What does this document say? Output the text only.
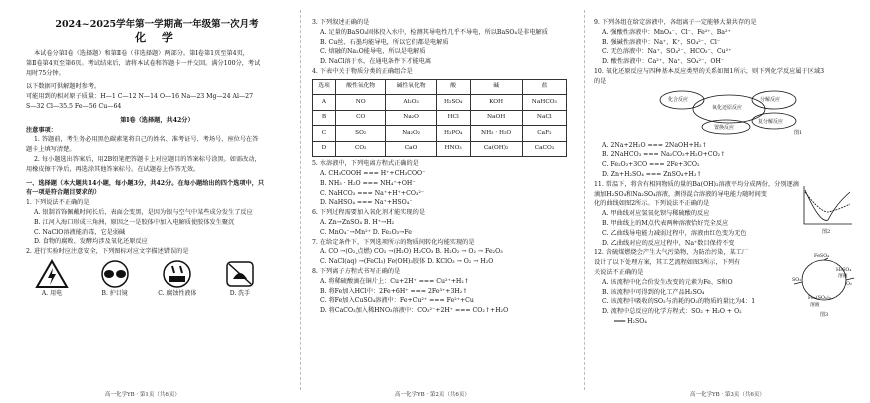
2024~2025学年第一学期高一年级第一次月考
化 学

本试卷分第Ⅰ卷（选择题）和第Ⅱ卷（非选择题）两部分。第Ⅰ卷第1页至第4页，

第Ⅱ卷第4页至第6页。考试结束后，请将本试卷和答题卡一并交回。满分100分，考试

用时75分钟。

以下数据可供解题时参考。

可能用到的相对原子质量：H—1 C—12 N—14 O—16 Na—23 Mg—24 Al—27

S—32 Cl—35.5 Fe—56 Cu—64

第Ⅰ卷（选择题，共42分）

注意事项：

1. 答题前，考生务必用黑色碳素笔将自己的姓名、准考证号、考场号、座位号在答

题卡上填写清楚。

2. 每小题选出答案后，用2B铅笔把答题卡上对应题目的答案标号涂黑。如需改动，

用橡皮擦干净后，再选涂其他答案标号。在试题卷上作答无效。

一、选择题（本大题共14小题，每小题3分，共42分。在每小题给出的四个选项中，只

有一项是符合题目要求的）

1. 下列说法不正确的是

A. 银制首饰佩戴时间长后，表面会变黑，是因为银与空气中某些成分发生了反应

B. 江河入海口形成三角洲，原因之一是胶体中加入电解质使胶体发生聚沉

C. NaClO溶液能消毒，它是弱碱

D. 食物的腐败、发酵均涉及氧化还原反应

2. 进行实验时应注意安全，下列图标对应文字描述错误的是

A. 用电	B. 护目镜	C. 腐蚀性液体	D. 洗手
高一化学YB · 第1页（共6页）

3. 下列叙述正确的是

A. 足量的BaSO₄固体投入水中，检测其导电性几乎不导电，所以BaSO₄是非电解质

B. Cu丝、石墨均能导电，所以它们都是电解质

C. 熔融的Na₂O能导电，所以是电解质

D. NaCl溶于水，在通电条件下才能电离

4. 下表中关于物质分类的正确组合是

选项	酸性氧化物	碱性氧化物	酸	碱	盐
A	NO	Al₂O₃	H₂SO₄	KOH	NaHCO₃
B	CO	Na₂O	HCl	NaOH	NaCl
C	SO₂	Na₂O₂	H₃PO₄	NH₃ · H₂O	CaF₂
D	CO₂	CaO	HNO₃	Ca(OH)₂	CaCO₃

5. 水溶液中，下列电离方程式正确的是

A. CH₃COOH === H⁺+CH₃COO⁻

B. NH₃ · H₂O === NH₄⁺+OH⁻

C. NaHCO₃ === Na⁺+H⁺+CO₃²⁻

D. NaHSO₄ === Na⁺+HSO₄⁻

6. 下列过程需要加入氧化剂才能实现的是

A. Zn→ZnSO₄ B. H⁺→H₂

C. MnO₄⁻→Mn²⁺ D. Fe₂O₃→Fe

7. 在给定条件下，下列选项所示的物质间转化均能实现的是

A. CO →(O₂,点燃) CO₂ →(H₂O) H₂CO₃ B. H₂O₂ → O₂ → Fe₂O₃

C. NaCl(aq) →(FeCl₃) Fe(OH)₃胶体 D. KClO₃ → O₂ → H₂O

8. 下列离子方程式书写正确的是

A. 将稀硫酸滴在铜片上：Cu+2H⁺ === Cu²⁺+H₂↑

B. 将Fe加入HCl中：2Fe+6H⁺ === 2Fe³⁺+3H₂↑

C. 将Fe加入CuSO₄溶液中：Fe+Cu²⁺ === Fe²⁺+Cu

D. 将CaCO₃加入稀HNO₃溶液中：CO₃²⁻+2H⁺ === CO₂↑+H₂O

高一化学YB · 第2页（共6页）

9. 下列各组在给定溶液中，各组离子一定能够大量共存的是

A. 强酸性溶液中：MnO₄⁻、Cl⁻、Fe²⁺、Ba²⁺

B. 强碱性溶液中：Na⁺、K⁺、SO₄²⁻、Cl⁻

C. 无色溶液中：Na⁺、SO₄²⁻、HCO₃⁻、Cu²⁺

D. 酸性溶液中：Ca²⁺、Na⁺、SO₄²⁻、OH⁻

10. 氧化还原反应与四种基本反应类型的关系如图1所示，则下列化学反应属于区域3

的是

化合反应
氧化还原反应
分解反应
复分解反应
置换反应
图1

A. 2Na+2H₂O === 2NaOH+H₂↑

B. 2NaHCO₃ === Na₂CO₃+H₂O+CO₂↑

C. Fe₂O₃+3CO === 2Fe+3CO₂

D. Zn+H₂SO₄ === ZnSO₄+H₂↑

11. 常温下，将含有相同物质的量的Ba(OH)₂溶液平均分成两份，分别逐滴

滴加H₂SO₄和Na₂SO₄溶液，测得混合溶液的导电能力随时间变

化的曲线如图2所示。下列说法不正确的是

A. 甲曲线对应氢氧化钡与稀硫酸的反应

B. 甲曲线上的M点代表两种溶液恰好完全反应

C. 乙曲线导电能力减弱过程中，溶液由红色变为无色

D. 乙曲线对应的反应过程中，Na⁺数目保持不变

图2

12. 含硫煤燃烧会产生大气污染物，为防治污染，某工厂

设计了以下处理方案，其工艺流程如图3所示，下列有

关说法不正确的是

A. 该流程中化合价发生改变的元素为Fe、S和O

B. 该流程中可得到的化工产品H₂SO₄

C. 该流程中吸收的SO₂与消耗的O₂的物质的量比为4：1

D. 流程中总反应的化学方程式：SO₂ + H₂O + O₂

═══ H₂SO₄

FeSO₄
H₂SO₄
Fe₂(SO₄)₃
SO₂
O₂
溶液
溶液
图3
高一化学YB · 第3页（共6页）
